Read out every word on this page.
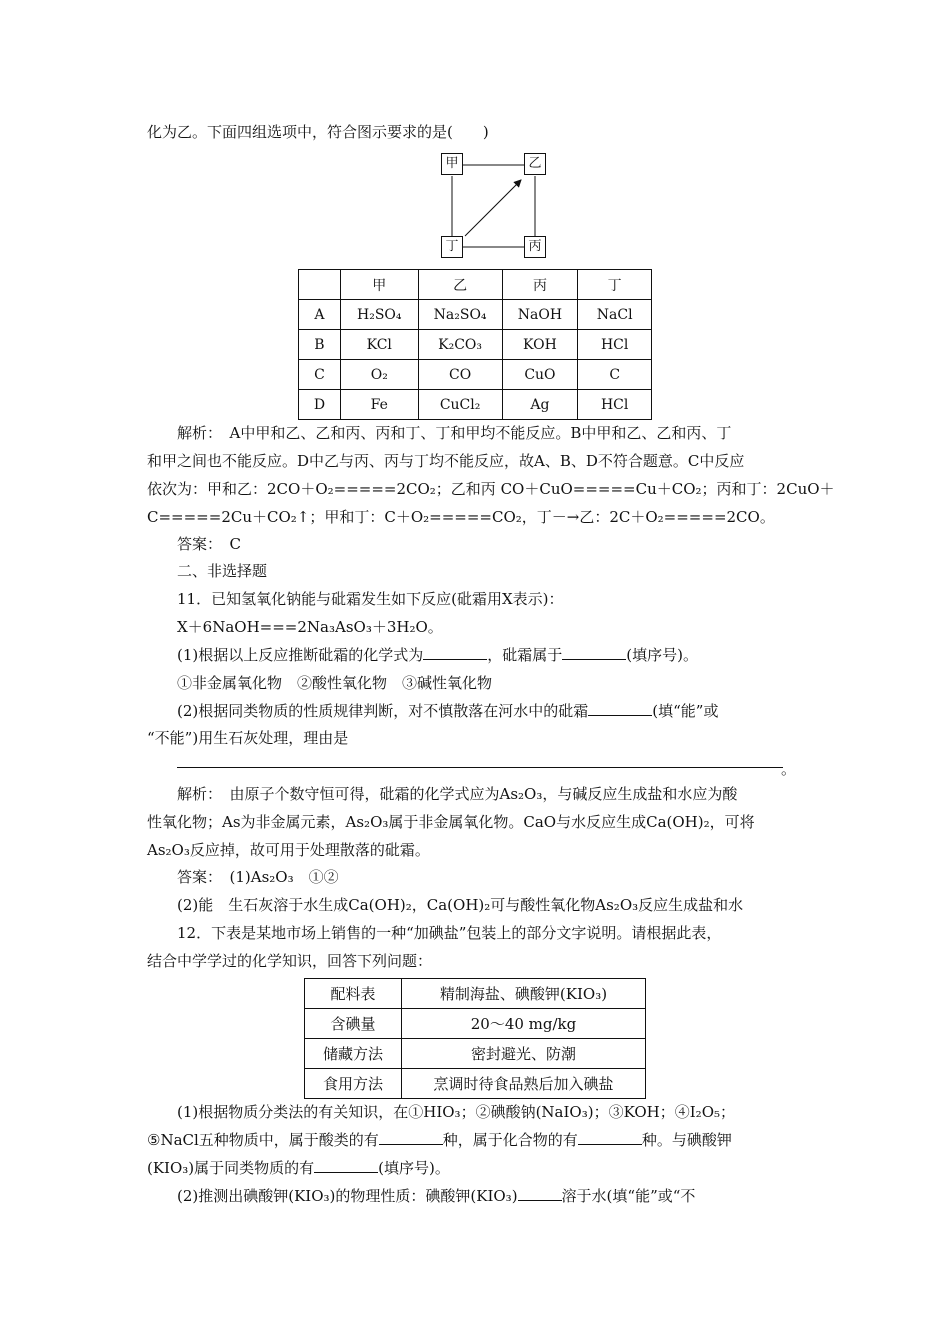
化为乙。下面四组选项中，符合图示要求的是(　　)
甲	乙
丁	丙
	甲	乙	丙	丁
A	H₂SO₄	Na₂SO₄	NaOH	NaCl
B	KCl	K₂CO₃	KOH	HCl
C	O₂	CO	CuO	C
D	Fe	CuCl₂	Ag	HCl
解析：　A中甲和乙、乙和丙、丙和丁、丁和甲均不能反应。B中甲和乙、乙和丙、丁
和甲之间也不能反应。D中乙与丙、丙与丁均不能反应，故A、B、D不符合题意。C中反应
依次为：甲和乙：2CO＋O₂=====2CO₂；乙和丙 CO＋CuO=====Cu＋CO₂；丙和丁：2CuO＋
C=====2Cu＋CO₂↑；甲和丁：C＋O₂=====CO₂，丁－→乙：2C＋O₂=====2CO。
答案：　C
二、非选择题
11．已知氢氧化钠能与砒霜发生如下反应(砒霜用X表示)：
X＋6NaOH===2Na₃AsO₃＋3H₂O。
(1)根据以上反应推断砒霜的化学式为	，砒霜属于	(填序号)。
①非金属氧化物　②酸性氧化物　③碱性氧化物
(2)根据同类物质的性质规律判断，对不慎散落在河水中的砒霜	(填“能”或
“不能”)用生石灰处理，理由是
。
解析：　由原子个数守恒可得，砒霜的化学式应为As₂O₃，与碱反应生成盐和水应为酸
性氧化物；As为非金属元素，As₂O₃属于非金属氧化物。CaO与水反应生成Ca(OH)₂，可将
As₂O₃反应掉，故可用于处理散落的砒霜。
答案：　(1)As₂O₃　①②
(2)能　生石灰溶于水生成Ca(OH)₂，Ca(OH)₂可与酸性氧化物As₂O₃反应生成盐和水
12．下表是某地市场上销售的一种“加碘盐”包装上的部分文字说明。请根据此表，
结合中学学过的化学知识，回答下列问题：
配料表	精制海盐、碘酸钾(KIO₃)
含碘量	20～40 mg/kg
储藏方法	密封避光、防潮
食用方法	烹调时待食品熟后加入碘盐
(1)根据物质分类法的有关知识，在①HIO₃；②碘酸钠(NaIO₃)；③KOH；④I₂O₅；
⑤NaCl五种物质中，属于酸类的有	种，属于化合物的有	种。与碘酸钾
(KIO₃)属于同类物质的有	(填序号)。
(2)推测出碘酸钾(KIO₃)的物理性质：碘酸钾(KIO₃)	溶于水(填“能”或“不
